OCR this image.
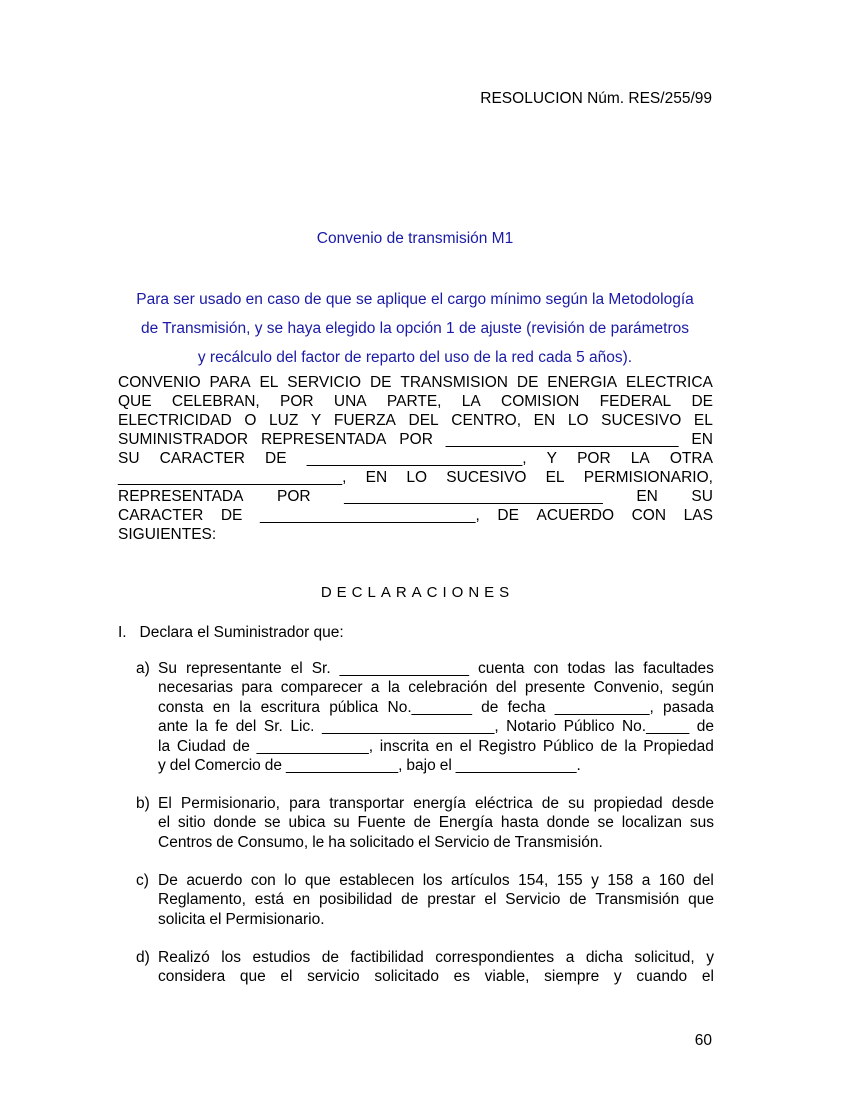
RESOLUCION Núm. RES/255/99
Convenio de transmisión M1
Para ser usado en caso de que se aplique el cargo mínimo según la Metodología
de Transmisión, y se haya elegido la opción 1 de ajuste (revisión de parámetros
y recálculo del factor de reparto del uso de la red cada 5 años).
CONVENIO PARA EL SERVICIO DE TRANSMISION DE ENERGIA ELECTRICA
QUE CELEBRAN, POR UNA PARTE, LA COMISION FEDERAL DE
ELECTRICIDAD O LUZ Y FUERZA DEL CENTRO, EN LO SUCESIVO EL
SUMINISTRADOR REPRESENTADA POR ___________________________ EN
SU CARACTER DE _________________________, Y POR LA OTRA
__________________________, EN LO SUCESIVO EL PERMISIONARIO,
REPRESENTADA POR ______________________________ EN SU
CARACTER DE _________________________, DE ACUERDO CON LAS
SIGUIENTES:
DECLARACIONES
I. Declara el Suministrador que:
a) Su representante el Sr. _______________ cuenta con todas las facultades
necesarias para comparecer a la celebración del presente Convenio, según
consta en la escritura pública No._______ de fecha ___________, pasada
ante la fe del Sr. Lic. ____________________, Notario Público No._____ de
la Ciudad de _____________, inscrita en el Registro Público de la Propiedad
y del Comercio de _____________, bajo el ______________.
b) El Permisionario, para transportar energía eléctrica de su propiedad desde
el sitio donde se ubica su Fuente de Energía hasta donde se localizan sus
Centros de Consumo, le ha solicitado el Servicio de Transmisión.
c) De acuerdo con lo que establecen los artículos 154, 155 y 158 a 160 del
Reglamento, está en posibilidad de prestar el Servicio de Transmisión que
solicita el Permisionario.
d) Realizó los estudios de factibilidad correspondientes a dicha solicitud, y
considera que el servicio solicitado es viable, siempre y cuando el
60
